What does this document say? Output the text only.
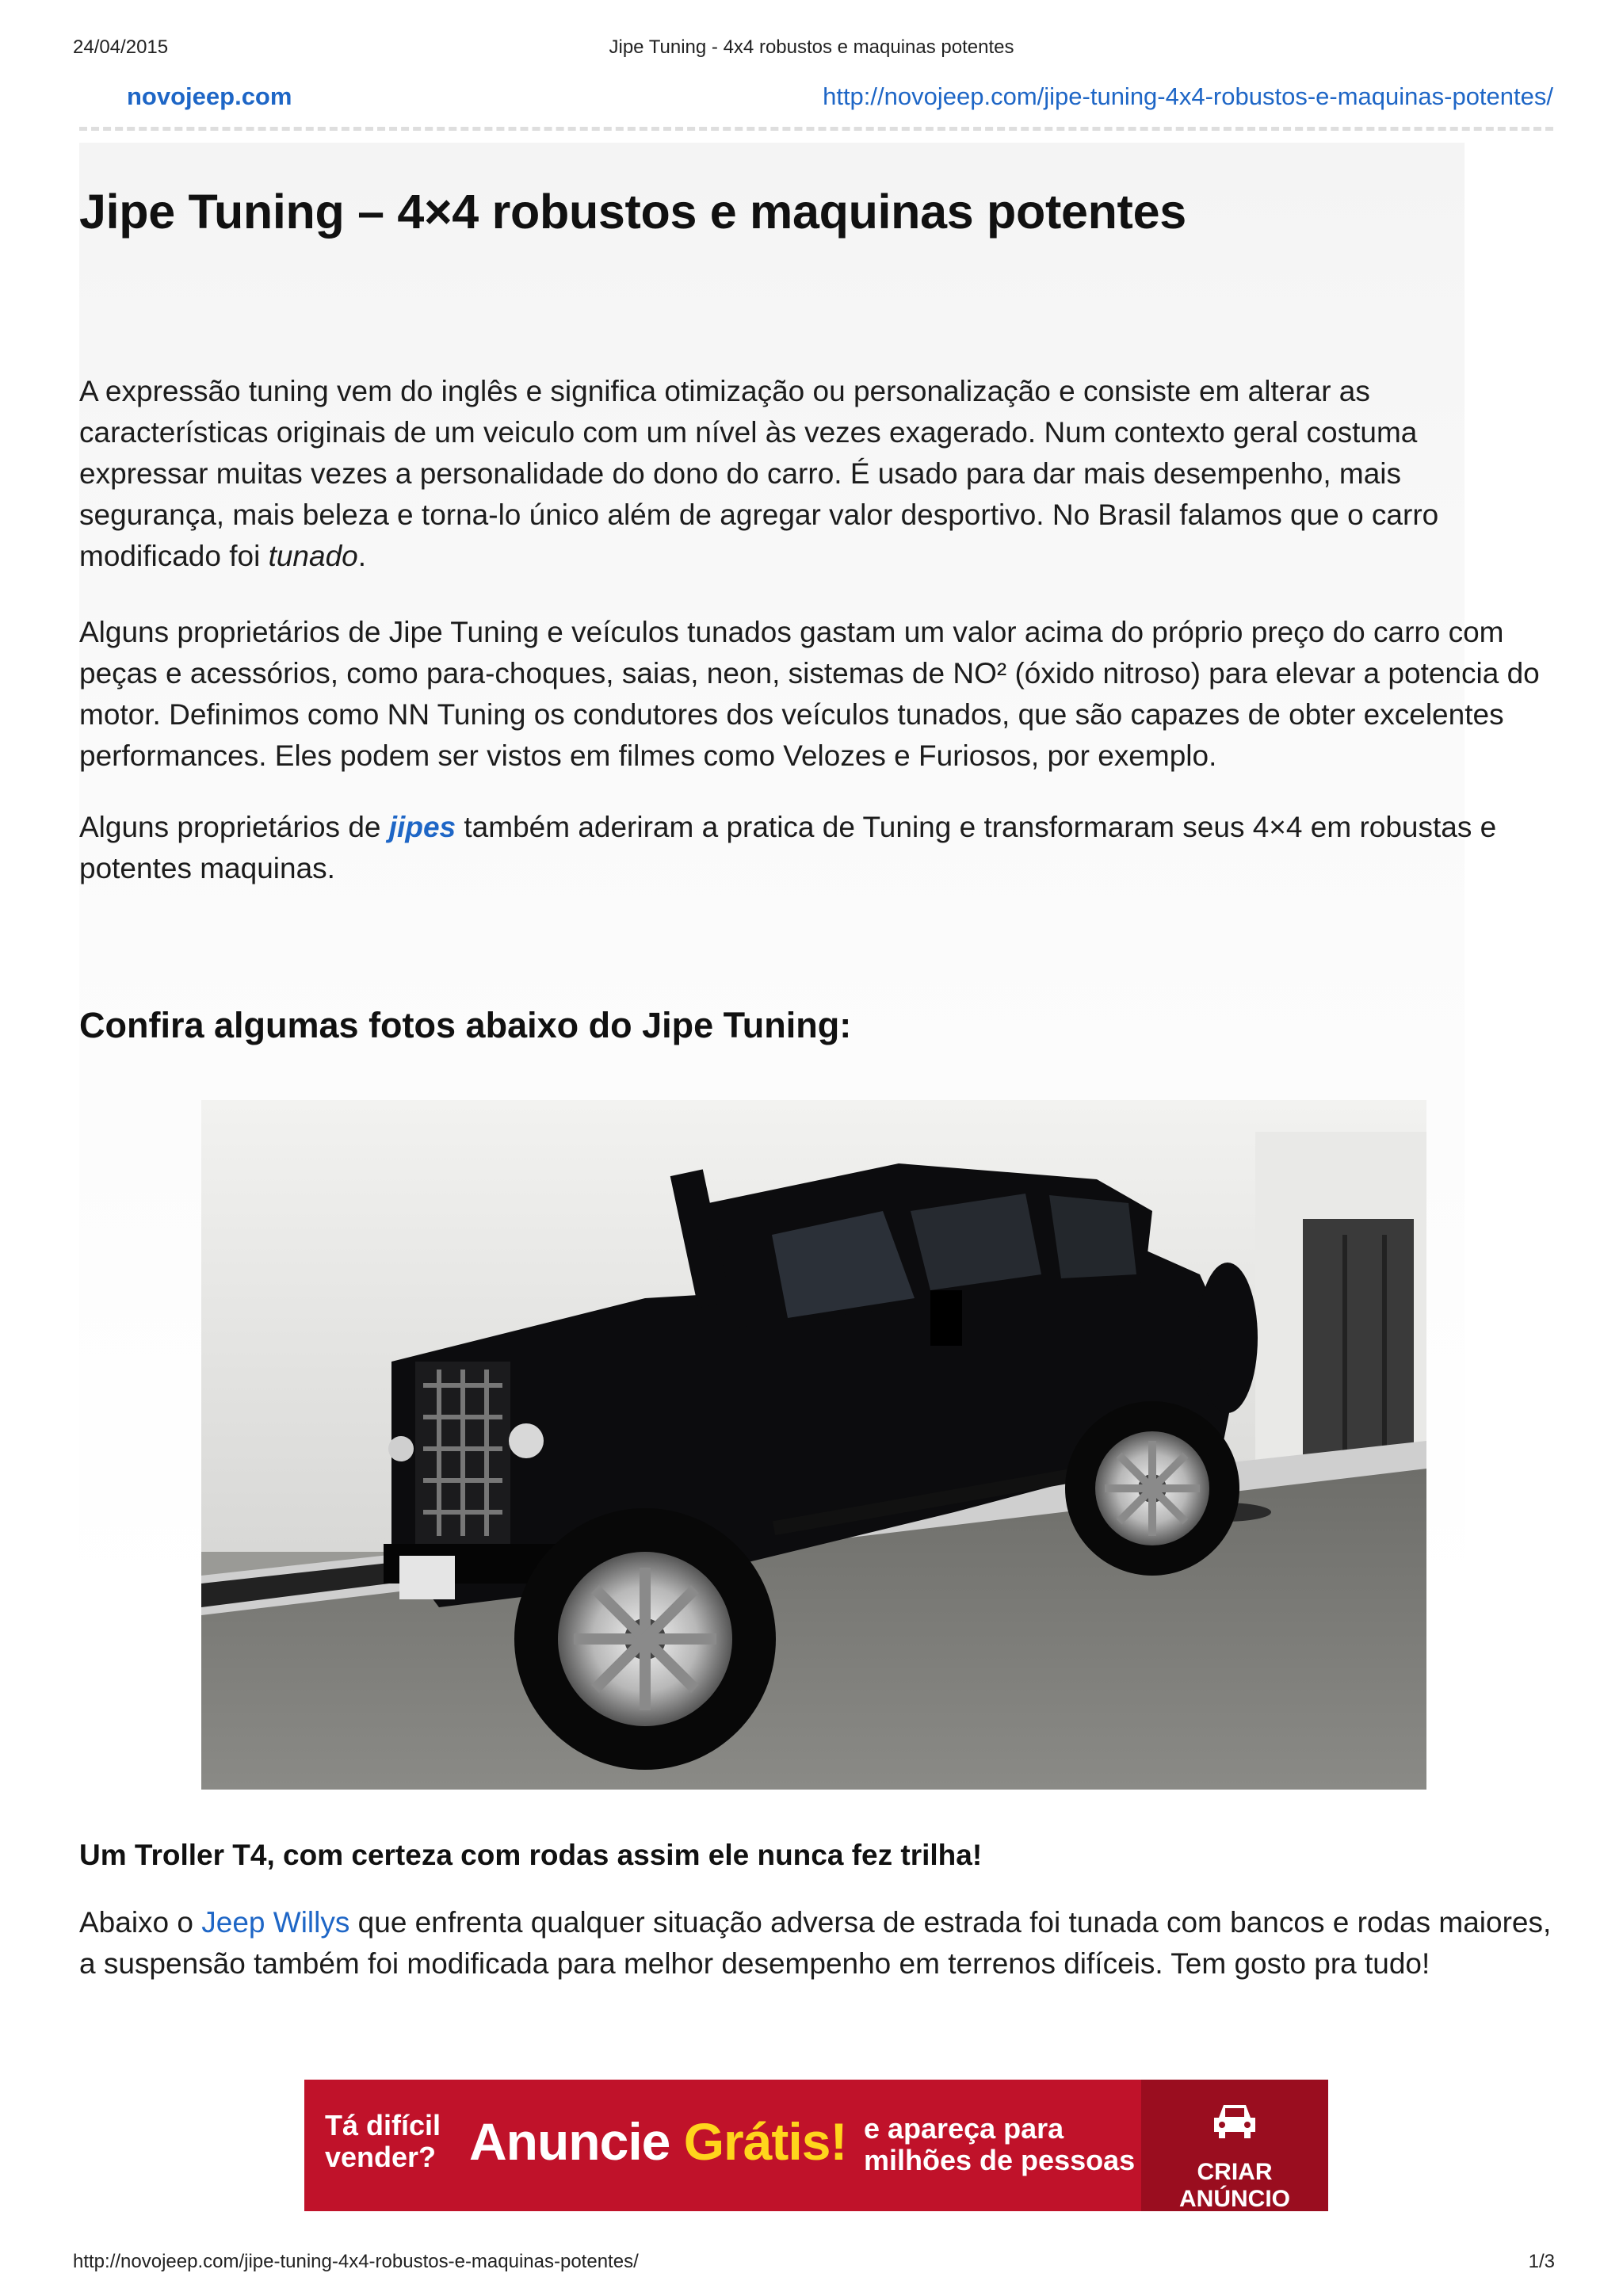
24/04/2015	Jipe Tuning - 4x4 robustos e maquinas potentes
novojeep.com	http://novojeep.com/jipe-tuning-4x4-robustos-e-maquinas-potentes/
Jipe Tuning – 4×4 robustos e maquinas potentes

A expressão tuning vem do inglês e significa otimização ou personalização e consiste em alterar as características originais de um veiculo com um nível às vezes exagerado. Num contexto geral costuma expressar muitas vezes a personalidade do dono do carro. É usado para dar mais desempenho, mais segurança, mais beleza e torna-lo único além de agregar valor desportivo. No Brasil falamos que o carro modificado foi tunado.

Alguns proprietários de Jipe Tuning e veículos tunados gastam um valor acima do próprio preço do carro com peças e acessórios, como para-choques, saias, neon, sistemas de NO² (óxido nitroso) para elevar a potencia do motor. Definimos como NN Tuning os condutores dos veículos tunados, que são capazes de obter excelentes performances. Eles podem ser vistos em filmes como Velozes e Furiosos, por exemplo.

Alguns proprietários de jipes também aderiram a pratica de Tuning e transformaram seus 4×4 em robustas e potentes maquinas.

Confira algumas fotos abaixo do Jipe Tuning:

Um Troller T4, com certeza com rodas assim ele nunca fez trilha!

Abaixo o Jeep Willys que enfrenta qualquer situação adversa de estrada foi tunada com bancos e rodas maiores, a suspensão também foi modificada para melhor desempenho em terrenos difíceis. Tem gosto pra tudo!

Tá difícil
vender? Anuncie Grátis! e apareça para
milhões de pessoas	CRIAR ANÚNCIO
http://novojeep.com/jipe-tuning-4x4-robustos-e-maquinas-potentes/	1/3
